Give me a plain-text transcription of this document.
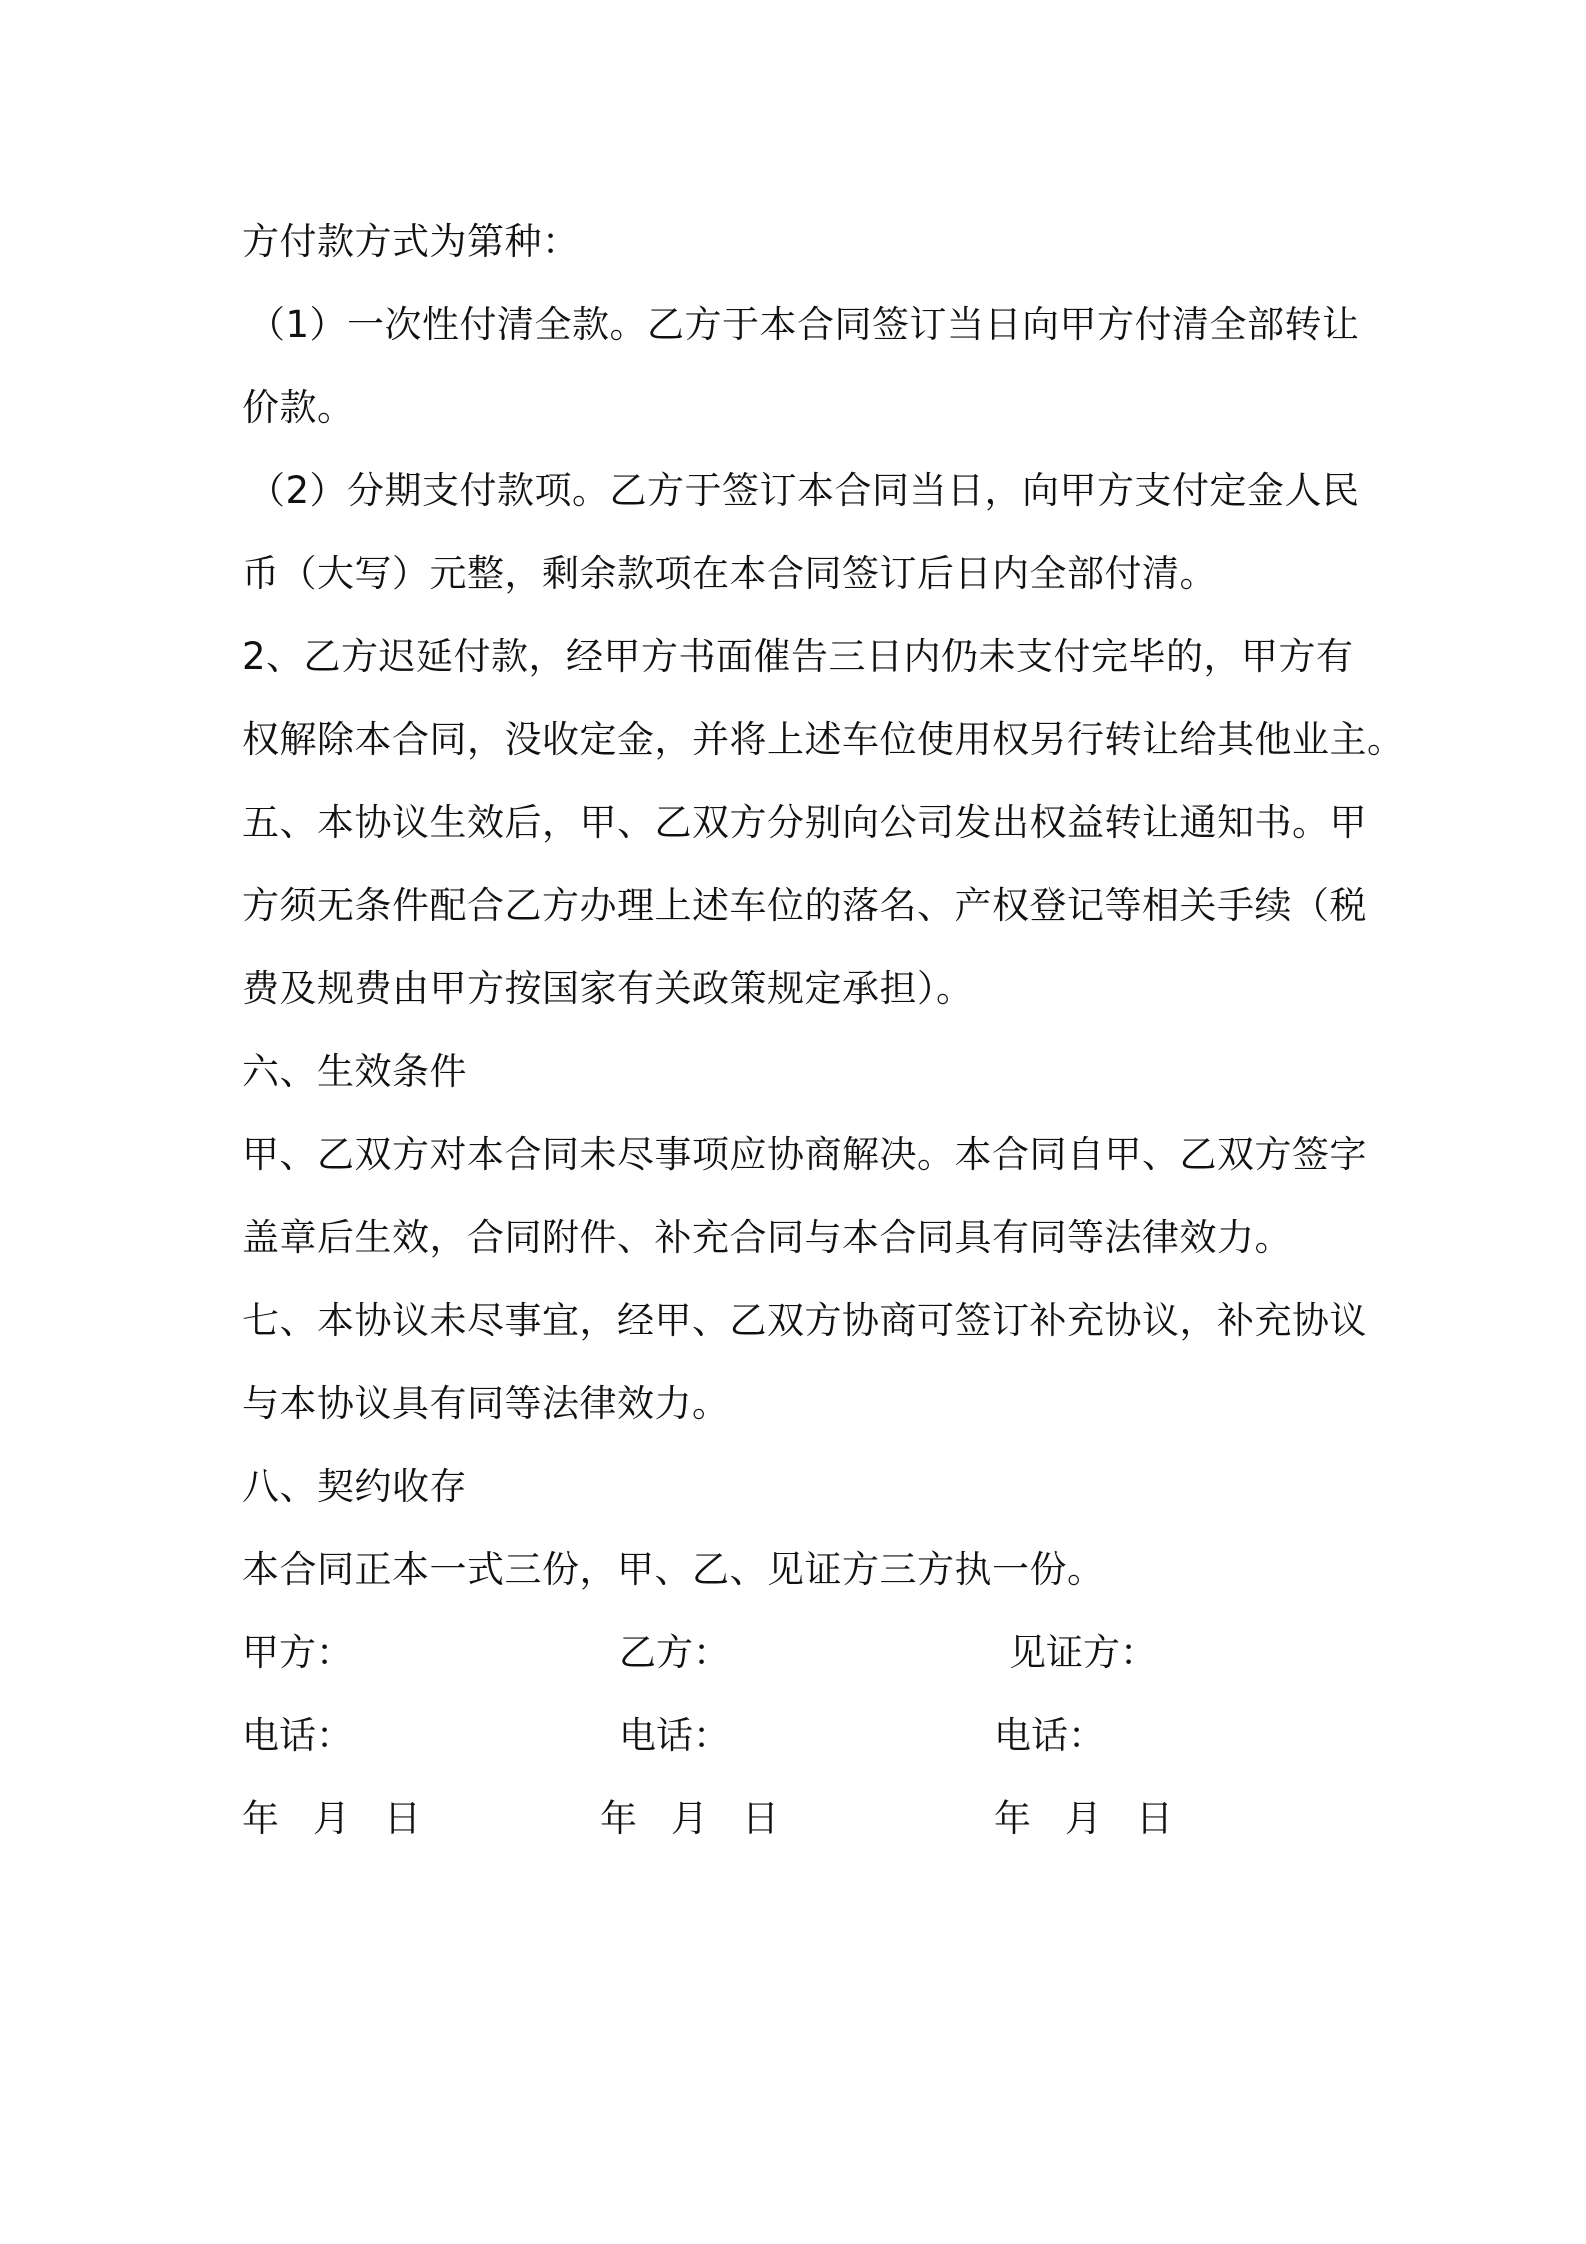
方付款方式为第种：
（1）一次性付清全款。乙方于本合同签订当日向甲方付清全部转让
价款。
（2）分期支付款项。乙方于签订本合同当日，向甲方支付定金人民
币（大写）元整，剩余款项在本合同签订后日内全部付清。
2、乙方迟延付款，经甲方书面催告三日内仍未支付完毕的，甲方有
权解除本合同，没收定金，并将上述车位使用权另行转让给其他业主。
五、本协议生效后，甲、乙双方分别向公司发出权益转让通知书。甲
方须无条件配合乙方办理上述车位的落名、产权登记等相关手续（税
费及规费由甲方按国家有关政策规定承担）。
六、生效条件
甲、乙双方对本合同未尽事项应协商解决。本合同自甲、乙双方签字
盖章后生效，合同附件、补充合同与本合同具有同等法律效力。
七、本协议未尽事宜，经甲、乙双方协商可签订补充协议，补充协议
与本协议具有同等法律效力。
八、契约收存
本合同正本一式三份，甲、乙、见证方三方执一份。
甲方：	乙方：	见证方：
电话：	电话：	电话：
年 月 日	年 月 日	年 月 日
